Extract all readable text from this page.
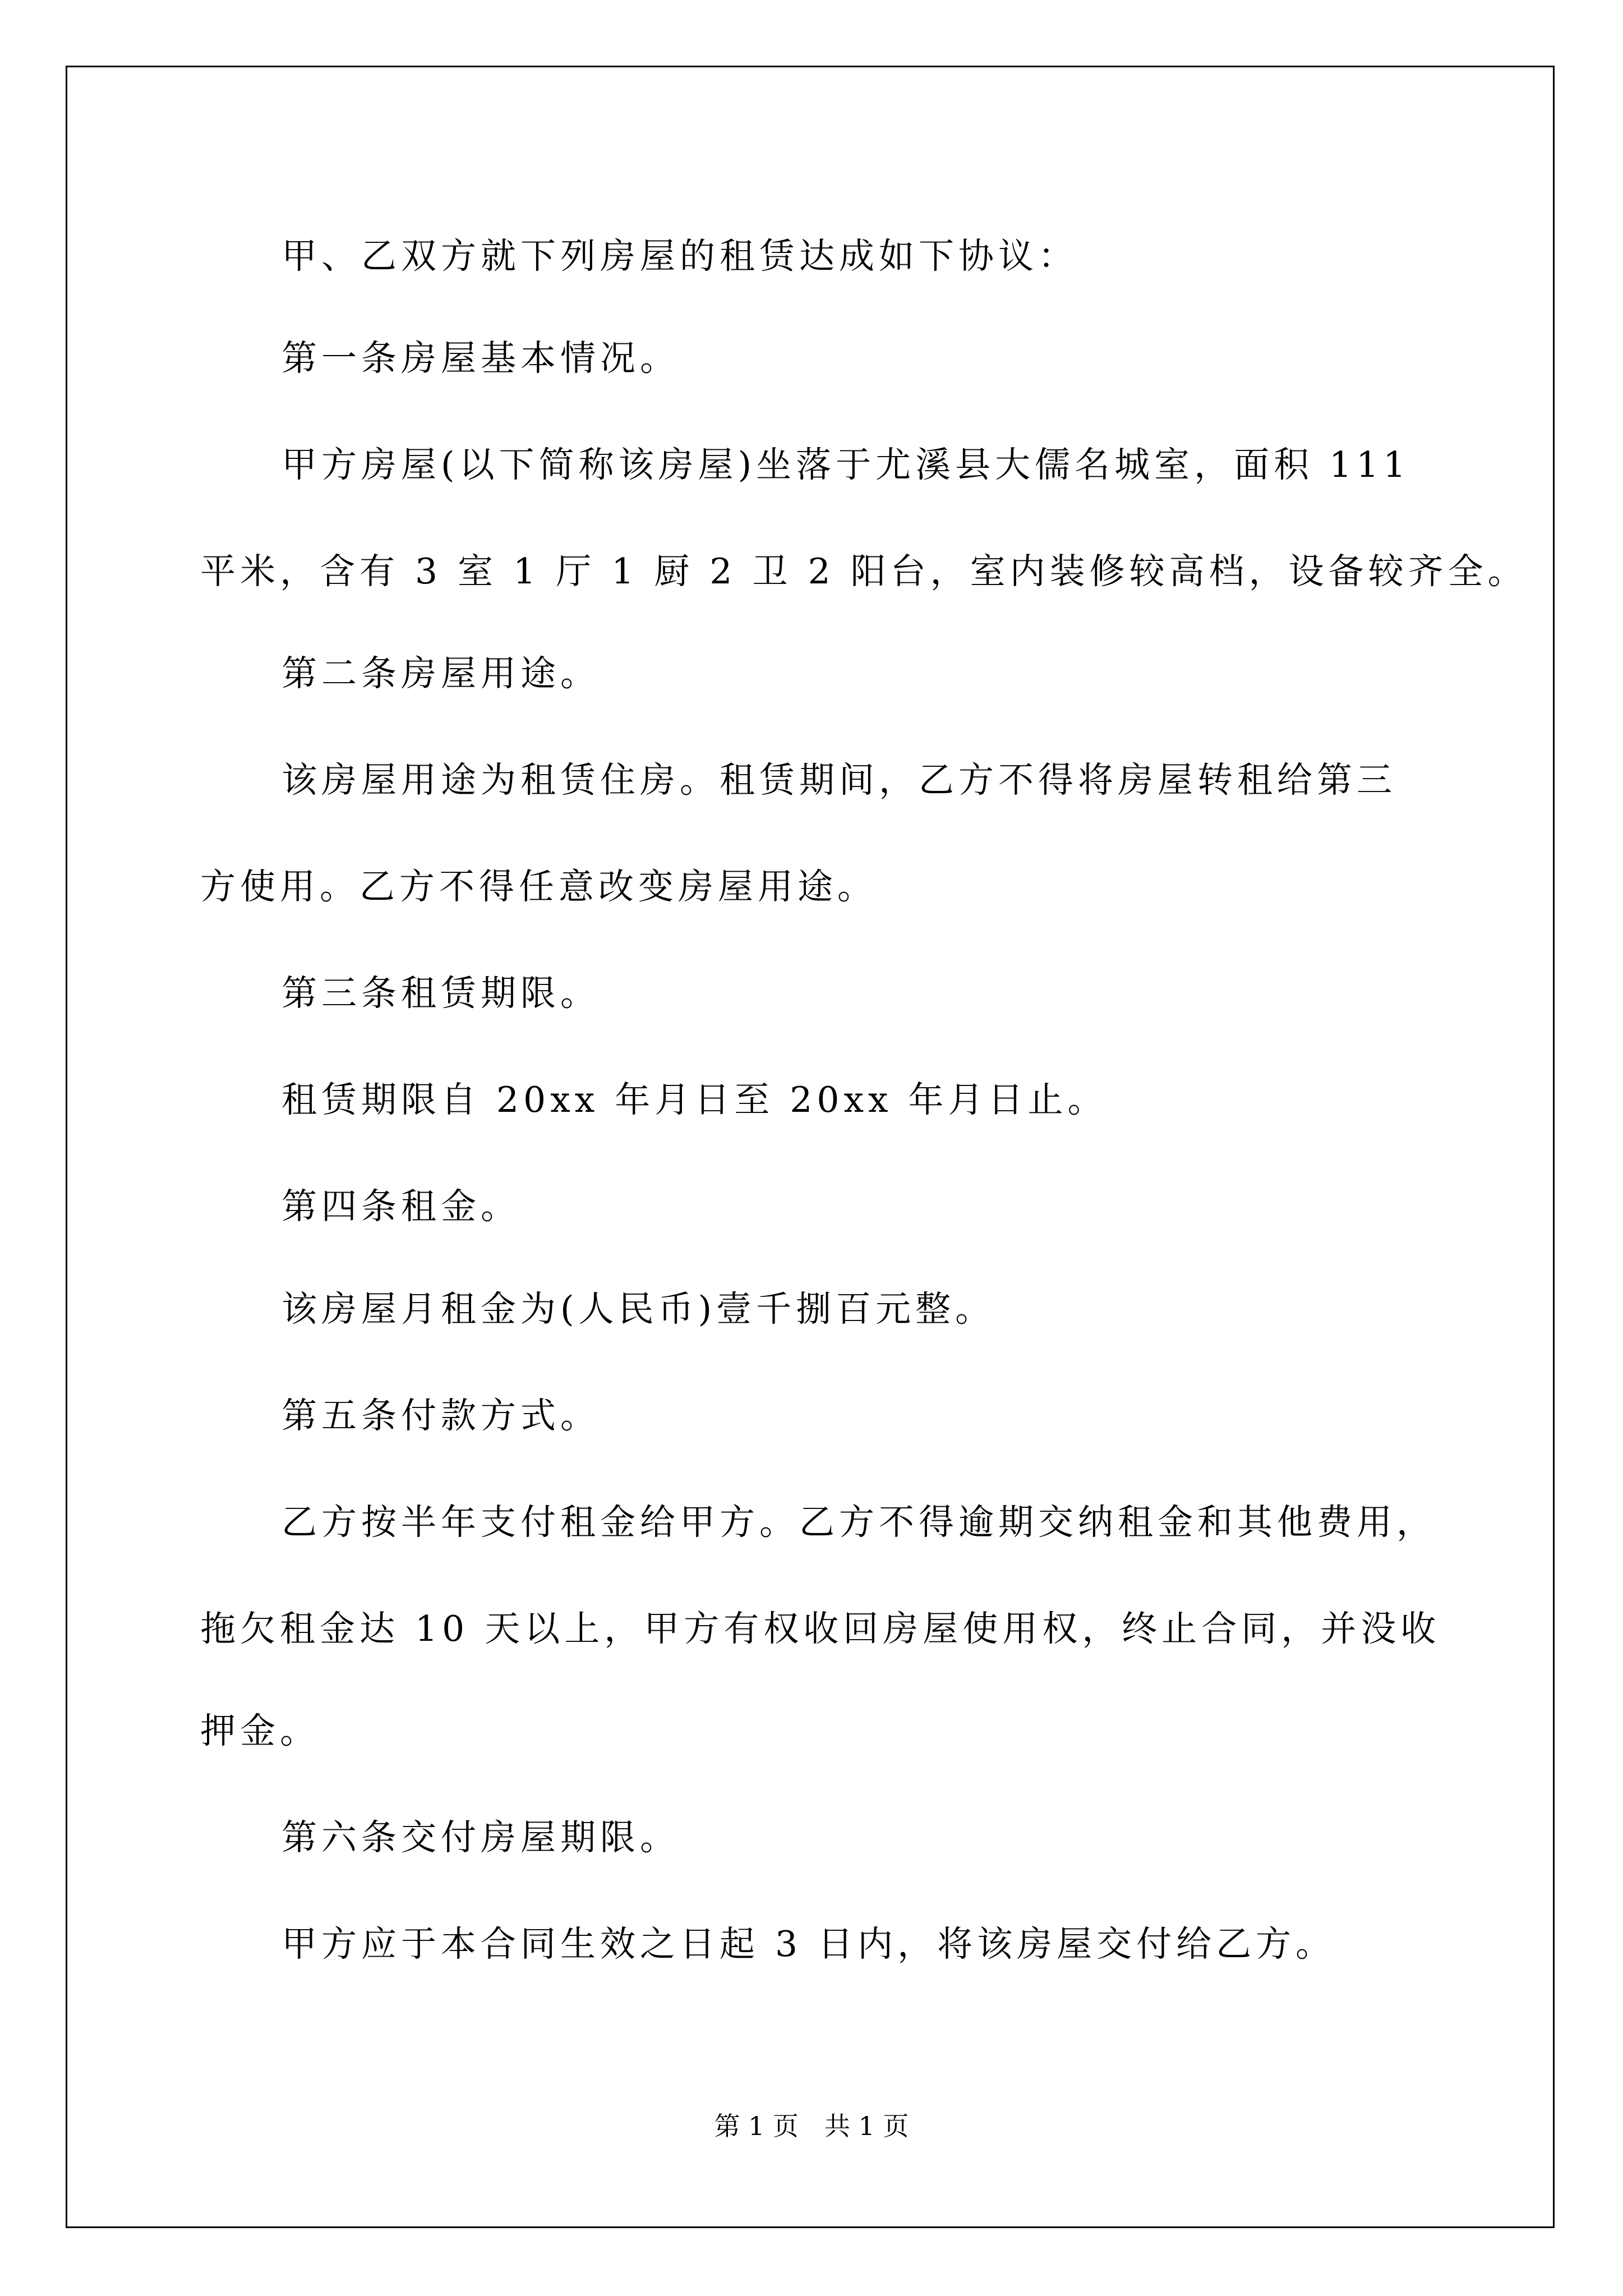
甲、乙双方就下列房屋的租赁达成如下协议：

第一条房屋基本情况。

甲方房屋(以下简称该房屋)坐落于尤溪县大儒名城室，面积 111

平米，含有 3 室 1 厅 1 厨 2 卫 2 阳台，室内装修较高档，设备较齐全。

第二条房屋用途。

该房屋用途为租赁住房。租赁期间，乙方不得将房屋转租给第三

方使用。乙方不得任意改变房屋用途。

第三条租赁期限。

租赁期限自 20xx 年月日至 20xx 年月日止。

第四条租金。

该房屋月租金为(人民币)壹千捌百元整。

第五条付款方式。

乙方按半年支付租金给甲方。乙方不得逾期交纳租金和其他费用，

拖欠租金达 10 天以上，甲方有权收回房屋使用权，终止合同，并没收

押金。

第六条交付房屋期限。

甲方应于本合同生效之日起 3 日内，将该房屋交付给乙方。

第 1 页 共 1 页
